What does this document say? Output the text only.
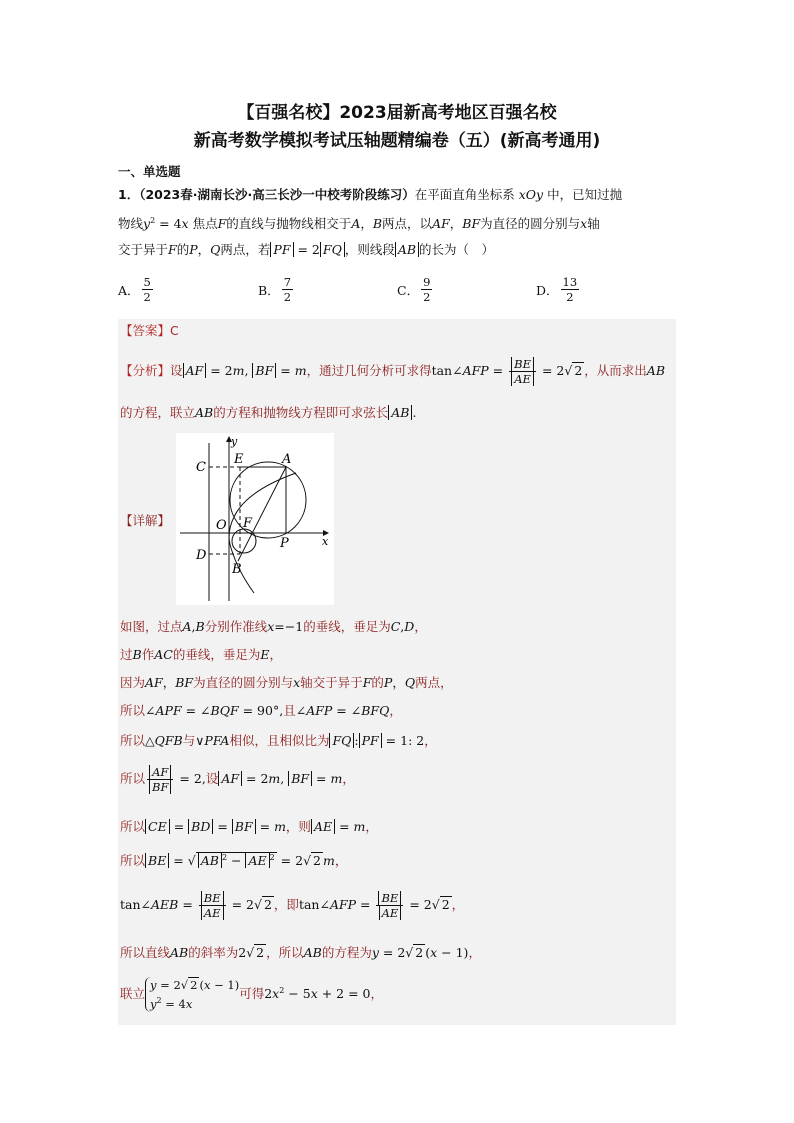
【百强名校】2023届新高考地区百强名校
新高考数学模拟考试压轴题精编卷（五）(新高考通用)
一、单选题
1．（2023春·湖南长沙·高三长沙一中校考阶段练习）在平面直角坐标系 xOy 中，已知过抛
物线$y^2 = 4x$ 焦点F的直线与抛物线相交于A，B两点，以AF，BF为直径的圆分别与x轴
交于异于F的P，Q两点，若 PF = 2 FQ ，则线段 AB 的长为（　）
A． $\frac{5}{2}$	B． $\frac{7}{2}$	C． $\frac{9}{2}$	D． $\frac{13}{2}$
【答案】C
【分析】设 AF = 2m, BF = m，通过几何分析可求得tan∠AFP = $\frac{BE}{AE} = 2√$ 2 ，从而求出AB
的方程，联立AB的方程和抛物线方程即可求弦长 AB .
【详解】
y
C
E	A
O F
D
B
P	x
如图，过点A,B分别作准线x=−1的垂线，垂足为C,D，
过B作AC的垂线，垂足为E，
因为AF，BF为直径的圆分别与x轴交于异于F的P，Q两点，
所以∠APF = ∠BQF = 90°,且∠AFP = ∠BFQ，
所以△QFB与∨PFA相似，且相似比为 FQ : PF = 1: 2，
所以 $\frac{AF}{BF} = 2$,设 AF = 2m, BF = m，
所以 CE = BD = BF = m，则 AE = m，
所以 BE = √ AB $^2$ − AE $^2$ = 2√ 2 m，
tan∠AEB = $\frac{BE}{AE} = 2√$ 2 ，即tan∠AFP = $\frac{BE}{AE} = 2√$ 2 ，
所以直线AB的斜率为2√ 2 ，所以AB的方程为y = 2√ 2 (x − 1)，
联立
y = 2√ 2 (x − 1)
$y^2 = 4x$
可得$2x^2 - 5x + 2 = 0$，
